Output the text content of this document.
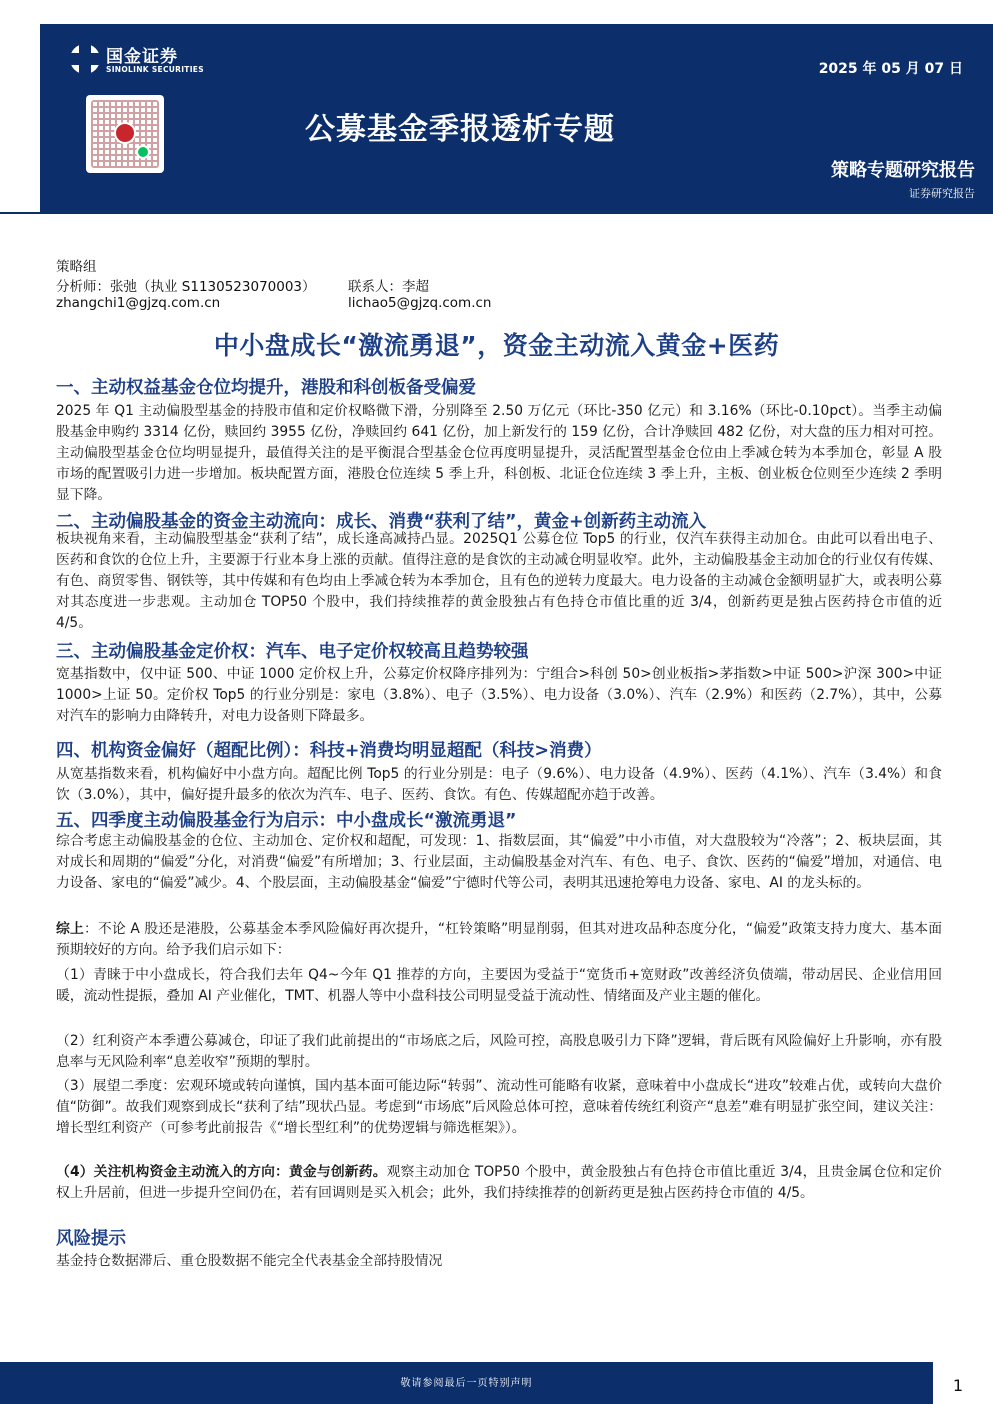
国金证券
SINOLINK SECURITIES	2025 年 05 月 07 日
公募基金季报透析专题
策略专题研究报告
证券研究报告
策略组
分析师：张弛（执业 S1130523070003）
zhangchi1@gjzq.com.cn
联系人：李超
lichao5@gjzq.com.cn
中小盘成长“激流勇退”，资金主动流入黄金+医药
一、主动权益基金仓位均提升，港股和科创板备受偏爱
2025 年 Q1 主动偏股型基金的持股市值和定价权略微下滑，分别降至 2.50 万亿元（环比-350 亿元）和 3.16%（环比-0.10pct）。当季主动偏股基金申购约 3314 亿份，赎回约 3955 亿份，净赎回约 641 亿份，加上新发行的 159 亿份，合计净赎回 482 亿份，对大盘的压力相对可控。主动偏股型基金仓位均明显提升，最值得关注的是平衡混合型基金仓位再度明显提升，灵活配置型基金仓位由上季减仓转为本季加仓，彰显 A 股市场的配置吸引力进一步增加。板块配置方面，港股仓位连续 5 季上升，科创板、北证仓位连续 3 季上升，主板、创业板仓位则至少连续 2 季明显下降。
二、主动偏股基金的资金主动流向：成长、消费“获利了结”，黄金+创新药主动流入
板块视角来看，主动偏股型基金“获利了结”，成长逢高减持凸显。2025Q1 公募仓位 Top5 的行业，仅汽车获得主动加仓。由此可以看出电子、医药和食饮的仓位上升，主要源于行业本身上涨的贡献。值得注意的是食饮的主动减仓明显收窄。此外，主动偏股基金主动加仓的行业仅有传媒、有色、商贸零售、钢铁等，其中传媒和有色均由上季减仓转为本季加仓，且有色的逆转力度最大。电力设备的主动减仓金额明显扩大，或表明公募对其态度进一步悲观。主动加仓 TOP50 个股中，我们持续推荐的黄金股独占有色持仓市值比重的近 3/4，创新药更是独占医药持仓市值的近 4/5。
三、主动偏股基金定价权：汽车、电子定价权较高且趋势较强
宽基指数中，仅中证 500、中证 1000 定价权上升，公募定价权降序排列为：宁组合>科创 50>创业板指>茅指数>中证 500>沪深 300>中证 1000>上证 50。定价权 Top5 的行业分别是：家电（3.8%）、电子（3.5%）、电力设备（3.0%）、汽车（2.9%）和医药（2.7%），其中，公募对汽车的影响力由降转升，对电力设备则下降最多。
四、机构资金偏好（超配比例）：科技+消费均明显超配（科技>消费）
从宽基指数来看，机构偏好中小盘方向。超配比例 Top5 的行业分别是：电子（9.6%）、电力设备（4.9%）、医药（4.1%）、汽车（3.4%）和食饮（3.0%），其中，偏好提升最多的依次为汽车、电子、医药、食饮。有色、传媒超配亦趋于改善。
五、四季度主动偏股基金行为启示：中小盘成长“激流勇退”
综合考虑主动偏股基金的仓位、主动加仓、定价权和超配，可发现：1、指数层面，其“偏爱”中小市值，对大盘股较为“冷落”；2、板块层面，其对成长和周期的“偏爱”分化，对消费“偏爱”有所增加；3、行业层面，主动偏股基金对汽车、有色、电子、食饮、医药的“偏爱”增加，对通信、电力设备、家电的“偏爱”减少。4、个股层面，主动偏股基金“偏爱”宁德时代等公司，表明其迅速抢筹电力设备、家电、AI 的龙头标的。
综上：不论 A 股还是港股，公募基金本季风险偏好再次提升，“杠铃策略”明显削弱，但其对进攻品种态度分化，“偏爱”政策支持力度大、基本面预期较好的方向。给予我们启示如下：
（1）青睐于中小盘成长，符合我们去年 Q4~今年 Q1 推荐的方向，主要因为受益于“宽货币+宽财政”改善经济负债端，带动居民、企业信用回暖，流动性提振，叠加 AI 产业催化，TMT、机器人等中小盘科技公司明显受益于流动性、情绪面及产业主题的催化。
（2）红利资产本季遭公募减仓，印证了我们此前提出的“市场底之后，风险可控，高股息吸引力下降”逻辑，背后既有风险偏好上升影响，亦有股息率与无风险利率“息差收窄”预期的掣肘。
（3）展望二季度：宏观环境或转向谨慎，国内基本面可能边际“转弱”、流动性可能略有收紧，意味着中小盘成长“进攻”较难占优，或转向大盘价值“防御”。故我们观察到成长“获利了结”现状凸显。考虑到“市场底”后风险总体可控，意味着传统红利资产“息差”难有明显扩张空间，建议关注：增长型红利资产（可参考此前报告《“增长型红利”的优势逻辑与筛选框架》）。
（4）关注机构资金主动流入的方向：黄金与创新药。观察主动加仓 TOP50 个股中，黄金股独占有色持仓市值比重近 3/4，且贵金属仓位和定价权上升居前，但进一步提升空间仍在，若有回调则是买入机会；此外，我们持续推荐的创新药更是独占医药持仓市值的 4/5。
风险提示
基金持仓数据滞后、重仓股数据不能完全代表基金全部持股情况
敬请参阅最后一页特别声明	1
